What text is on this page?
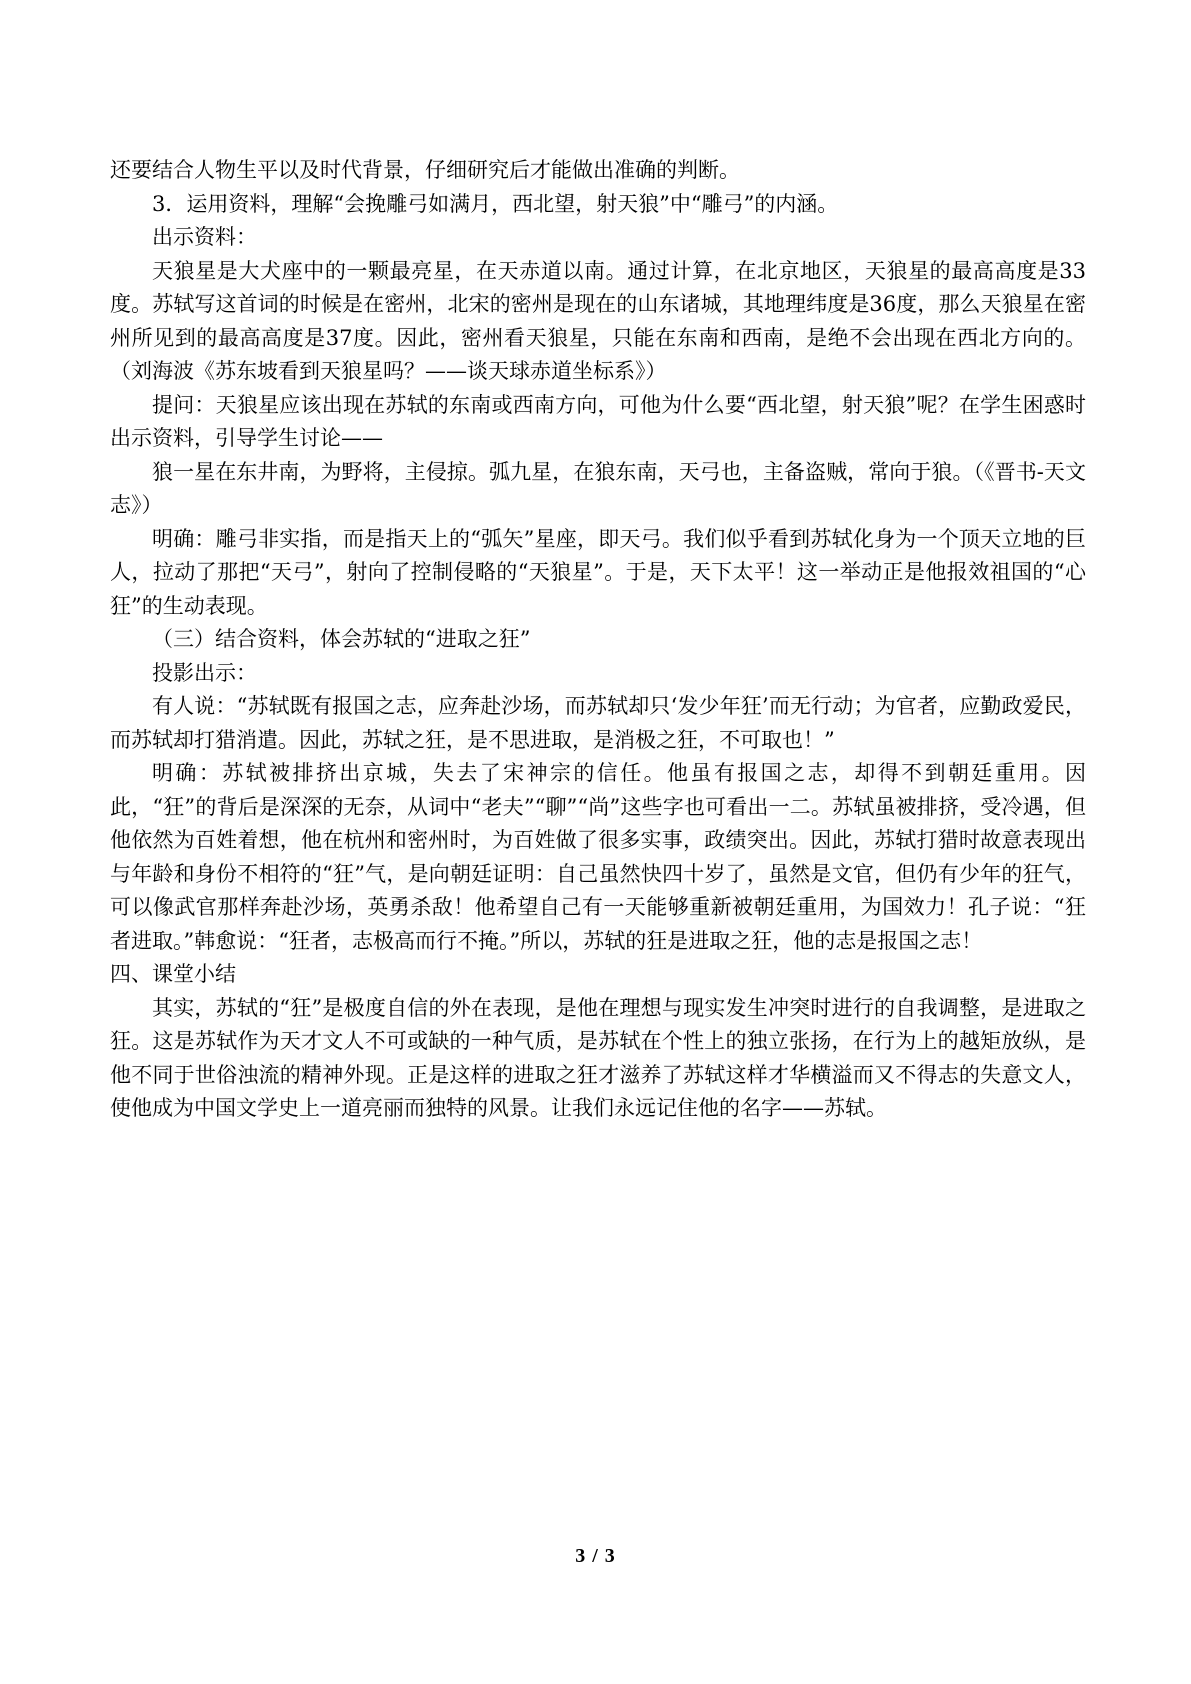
还要结合人物生平以及时代背景，仔细研究后才能做出准确的判断。

3．运用资料，理解“会挽雕弓如满月，西北望，射天狼”中“雕弓”的内涵。

出示资料：

天狼星是大犬座中的一颗最亮星，在天赤道以南。通过计算，在北京地区，天狼星的最高高度是33度。苏轼写这首词的时候是在密州，北宋的密州是现在的山东诸城，其地理纬度是36度，那么天狼星在密州所见到的最高高度是37度。因此，密州看天狼星，只能在东南和西南，是绝不会出现在西北方向的。（刘海波《苏东坡看到天狼星吗？——谈天球赤道坐标系》）

提问：天狼星应该出现在苏轼的东南或西南方向，可他为什么要“西北望，射天狼”呢？在学生困惑时出示资料，引导学生讨论——

狼一星在东井南，为野将，主侵掠。弧九星，在狼东南，天弓也，主备盗贼，常向于狼。（《晋书-天文志》）

明确：雕弓非实指，而是指天上的“弧矢”星座，即天弓。我们似乎看到苏轼化身为一个顶天立地的巨人，拉动了那把“天弓”，射向了控制侵略的“天狼星”。于是，天下太平！这一举动正是他报效祖国的“心狂”的生动表现。

（三）结合资料，体会苏轼的“进取之狂”

投影出示：

有人说：“苏轼既有报国之志，应奔赴沙场，而苏轼却只‘发少年狂’而无行动；为官者，应勤政爱民，而苏轼却打猎消遣。因此，苏轼之狂，是不思进取，是消极之狂，不可取也！”

明确：苏轼被排挤出京城，失去了宋神宗的信任。他虽有报国之志，却得不到朝廷重用。因此，“狂”的背后是深深的无奈，从词中“老夫”“聊”“尚”这些字也可看出一二。苏轼虽被排挤，受冷遇，但他依然为百姓着想，他在杭州和密州时，为百姓做了很多实事，政绩突出。因此，苏轼打猎时故意表现出与年龄和身份不相符的“狂”气，是向朝廷证明：自己虽然快四十岁了，虽然是文官，但仍有少年的狂气，可以像武官那样奔赴沙场，英勇杀敌！他希望自己有一天能够重新被朝廷重用，为国效力！孔子说：“狂者进取。”韩愈说：“狂者，志极高而行不掩。”所以，苏轼的狂是进取之狂，他的志是报国之志！

四、课堂小结

其实，苏轼的“狂”是极度自信的外在表现，是他在理想与现实发生冲突时进行的自我调整，是进取之狂。这是苏轼作为天才文人不可或缺的一种气质，是苏轼在个性上的独立张扬，在行为上的越矩放纵，是他不同于世俗浊流的精神外现。正是这样的进取之狂才滋养了苏轼这样才华横溢而又不得志的失意文人，使他成为中国文学史上一道亮丽而独特的风景。让我们永远记住他的名字——苏轼。

3 / 3
